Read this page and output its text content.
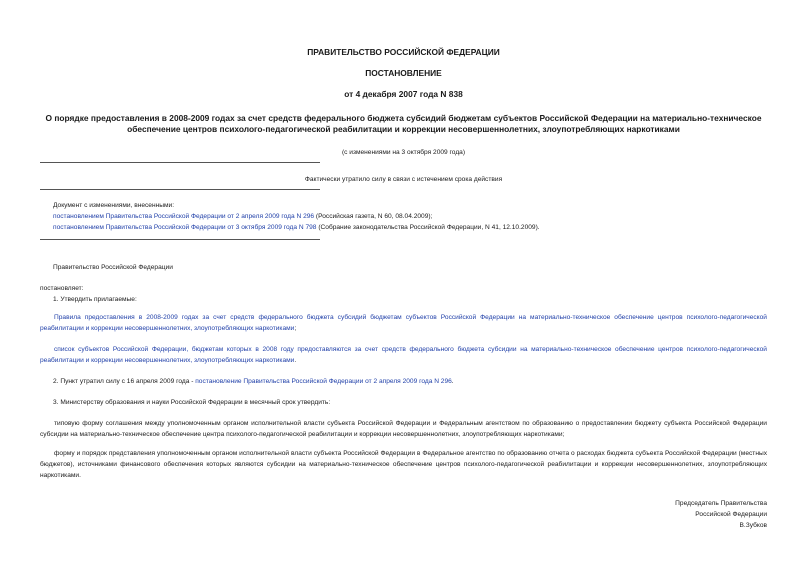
ПРАВИТЕЛЬСТВО РОССИЙСКОЙ ФЕДЕРАЦИИ
ПОСТАНОВЛЕНИЕ
от 4 декабря 2007 года N 838
О порядке предоставления в 2008-2009 годах за счет средств федерального бюджета субсидий бюджетам субъектов Российской Федерации на материально-техническое обеспечение центров психолого-педагогической реабилитации и коррекции несовершеннолетних, злоупотребляющих наркотиками
(с изменениями на 3 октября 2009 года)
Фактически утратило силу в связи с истечением срока действия
Документ с изменениями, внесенными:
постановлением Правительства Российской Федерации от 2 апреля 2009 года N 296 (Российская газета, N 60, 08.04.2009);
постановлением Правительства Российской Федерации от 3 октября 2009 года N 798 (Собрание законодательства Российской Федерации, N 41, 12.10.2009).
Правительство Российской Федерации
постановляет:
1. Утвердить прилагаемые:
Правила предоставления в 2008-2009 годах за счет средств федерального бюджета субсидий бюджетам субъектов Российской Федерации на материально-техническое обеспечение центров психолого-педагогической реабилитации и коррекции несовершеннолетних, злоупотребляющих наркотиками;
список субъектов Российской Федерации, бюджетам которых в 2008 году предоставляются за счет средств федерального бюджета субсидии на материально-техническое обеспечение центров психолого-педагогической реабилитации и коррекции несовершеннолетних, злоупотребляющих наркотиками.
2. Пункт утратил силу с 16 апреля 2009 года - постановление Правительства Российской Федерации от 2 апреля 2009 года N 296.
3. Министерству образования и науки Российской Федерации в месячный срок утвердить:
типовую форму соглашения между уполномоченным органом исполнительной власти субъекта Российской Федерации и Федеральным агентством по образованию о предоставлении бюджету субъекта Российской Федерации субсидии на материально-техническое обеспечение центра психолого-педагогической реабилитации и коррекции несовершеннолетних, злоупотребляющих наркотиками;
форму и порядок представления уполномоченным органом исполнительной власти субъекта Российской Федерации в Федеральное агентство по образованию отчета о расходах бюджета субъекта Российской Федерации (местных бюджетов), источниками финансового обеспечения которых являются субсидии на материально-техническое обеспечение центров психолого-педагогической реабилитации и коррекции несовершеннолетних, злоупотребляющих наркотиками.
Председатель Правительства
Российской Федерации
В.Зубков
